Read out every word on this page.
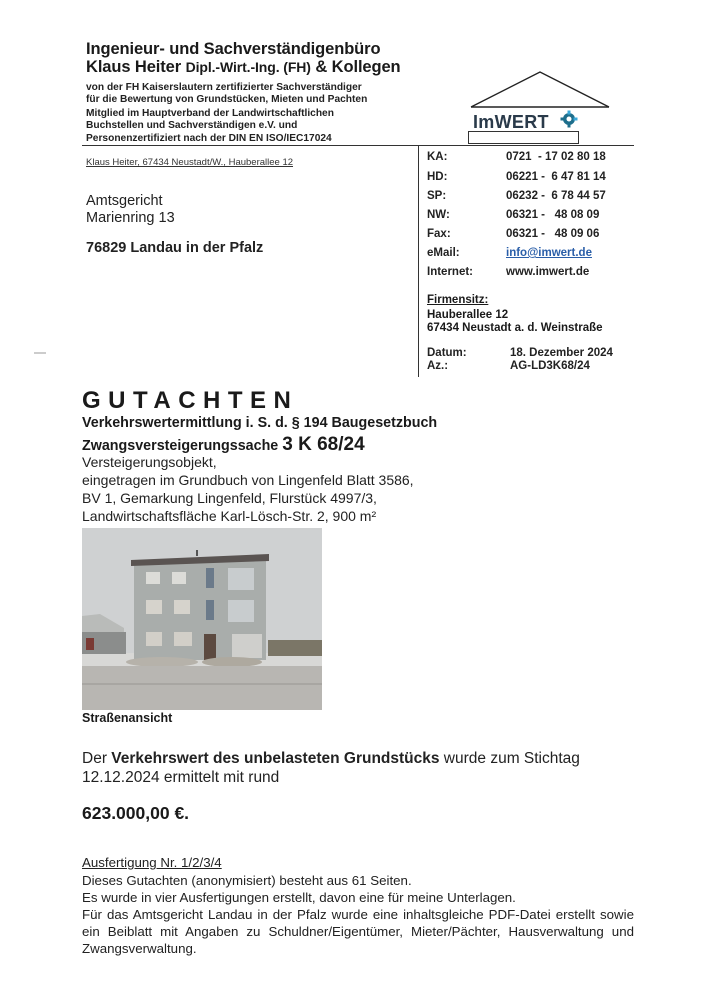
Ingenieur- und Sachverständigenbüro
Klaus Heiter Dipl.-Wirt.-Ing. (FH) & Kollegen
von der FH Kaiserslautern zertifizierter Sachverständiger
für die Bewertung von Grundstücken, Mieten und Pachten
Mitglied im Hauptverband der Landwirtschaftlichen
Buchstellen und Sachverständigen e.V. und
Personenzertifiziert nach der DIN EN ISO/IEC17024
ImWERT
Klaus Heiter, 67434 Neustadt/W., Hauberallee 12
Amtsgericht
Marienring 13
76829 Landau in der Pfalz
KA:	0721  - 17 02 80 18
HD:	06221 -  6 47 81 14
SP:	06232 -  6 78 44 57
NW:	06321 -   48 08 09
Fax:	06321 -   48 09 06
eMail:	info@imwert.de
Internet:	www.imwert.de
Firmensitz:
Hauberallee 12
67434 Neustadt a. d. Weinstraße
Datum:	18. Dezember 2024
Az.:	AG-LD3K68/24
GUTACHTEN
Verkehrswertermittlung i. S. d. § 194 Baugesetzbuch
Zwangsversteigerungssache 3 K 68/24
Versteigerungsobjekt,
eingetragen im Grundbuch von Lingenfeld Blatt 3586,
BV 1, Gemarkung Lingenfeld, Flurstück 4997/3,
Landwirtschaftsfläche Karl-Lösch-Str. 2, 900 m²
Straßenansicht
Der Verkehrswert des unbelasteten Grundstücks wurde zum Stichtag 12.12.2024 ermittelt mit rund
623.000,00 €.
Ausfertigung Nr. 1/2/3/4
Dieses Gutachten (anonymisiert) besteht aus 61 Seiten.
Es wurde in vier Ausfertigungen erstellt, davon eine für meine Unterlagen.
Für das Amtsgericht Landau in der Pfalz wurde eine inhaltsgleiche PDF-Datei erstellt sowie ein Beiblatt mit Angaben zu Schuldner/Eigentümer, Mieter/Pächter, Hausverwaltung und Zwangsverwaltung.
